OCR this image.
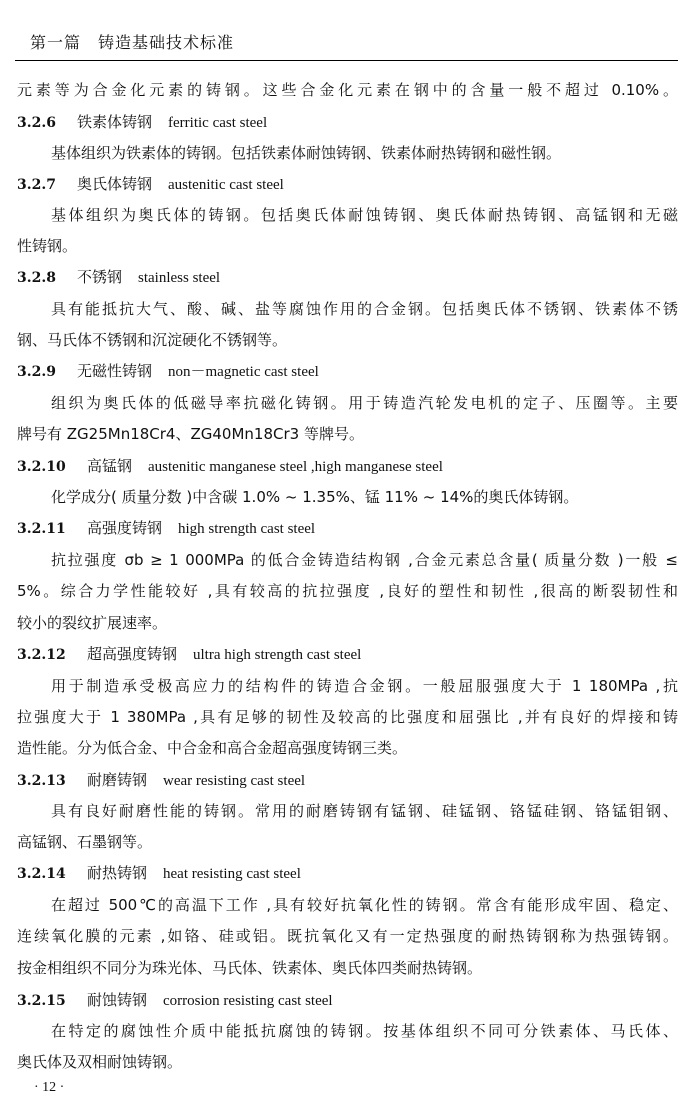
第一篇　铸造基础技术标准
元素等为合金化元素的铸钢。这些合金化元素在钢中的含量一般不超过 0.10%。
3.2.6 铁素体铸钢 ferritic cast steel
基体组织为铁素体的铸钢。包括铁素体耐蚀铸钢、铁素体耐热铸钢和磁性钢。
3.2.7 奥氏体铸钢 austenitic cast steel
基体组织为奥氏体的铸钢。包括奥氏体耐蚀铸钢、奥氏体耐热铸钢、高锰钢和无磁
性铸钢。
3.2.8 不锈钢 stainless steel
具有能抵抗大气、酸、碱、盐等腐蚀作用的合金钢。包括奥氏体不锈钢、铁素体不锈
钢、马氏体不锈钢和沉淀硬化不锈钢等。
3.2.9 无磁性铸钢 non－magnetic cast steel
组织为奥氏体的低磁导率抗磁化铸钢。用于铸造汽轮发电机的定子、压圈等。主要
牌号有 ZG25Mn18Cr4、ZG40Mn18Cr3 等牌号。
3.2.10 高锰钢 austenitic manganese steel ,high manganese steel
化学成分( 质量分数 )中含碳 1.0% ~ 1.35%、锰 11% ~ 14%的奥氏体铸钢。
3.2.11 高强度铸钢 high strength cast steel
抗拉强度 σb ≥ 1 000MPa 的低合金铸造结构钢 ,合金元素总含量( 质量分数 )一般 ≤
5%。综合力学性能较好 ,具有较高的抗拉强度 ,良好的塑性和韧性 ,很高的断裂韧性和
较小的裂纹扩展速率。
3.2.12 超高强度铸钢 ultra high strength cast steel
用于制造承受极高应力的结构件的铸造合金钢。一般屈服强度大于 1 180MPa ,抗
拉强度大于 1 380MPa ,具有足够的韧性及较高的比强度和屈强比 ,并有良好的焊接和铸
造性能。分为低合金、中合金和高合金超高强度铸钢三类。
3.2.13 耐磨铸钢 wear resisting cast steel
具有良好耐磨性能的铸钢。常用的耐磨铸钢有锰钢、硅锰钢、铬锰硅钢、铬锰钼钢、
高锰钢、石墨钢等。
3.2.14 耐热铸钢 heat resisting cast steel
在超过 500℃的高温下工作 ,具有较好抗氧化性的铸钢。常含有能形成牢固、稳定、
连续氧化膜的元素 ,如铬、硅或铝。既抗氧化又有一定热强度的耐热铸钢称为热强铸钢。
按金相组织不同分为珠光体、马氏体、铁素体、奥氏体四类耐热铸钢。
3.2.15 耐蚀铸钢 corrosion resisting cast steel
在特定的腐蚀性介质中能抵抗腐蚀的铸钢。按基体组织不同可分铁素体、马氏体、
奥氏体及双相耐蚀铸钢。
· 12 ·
